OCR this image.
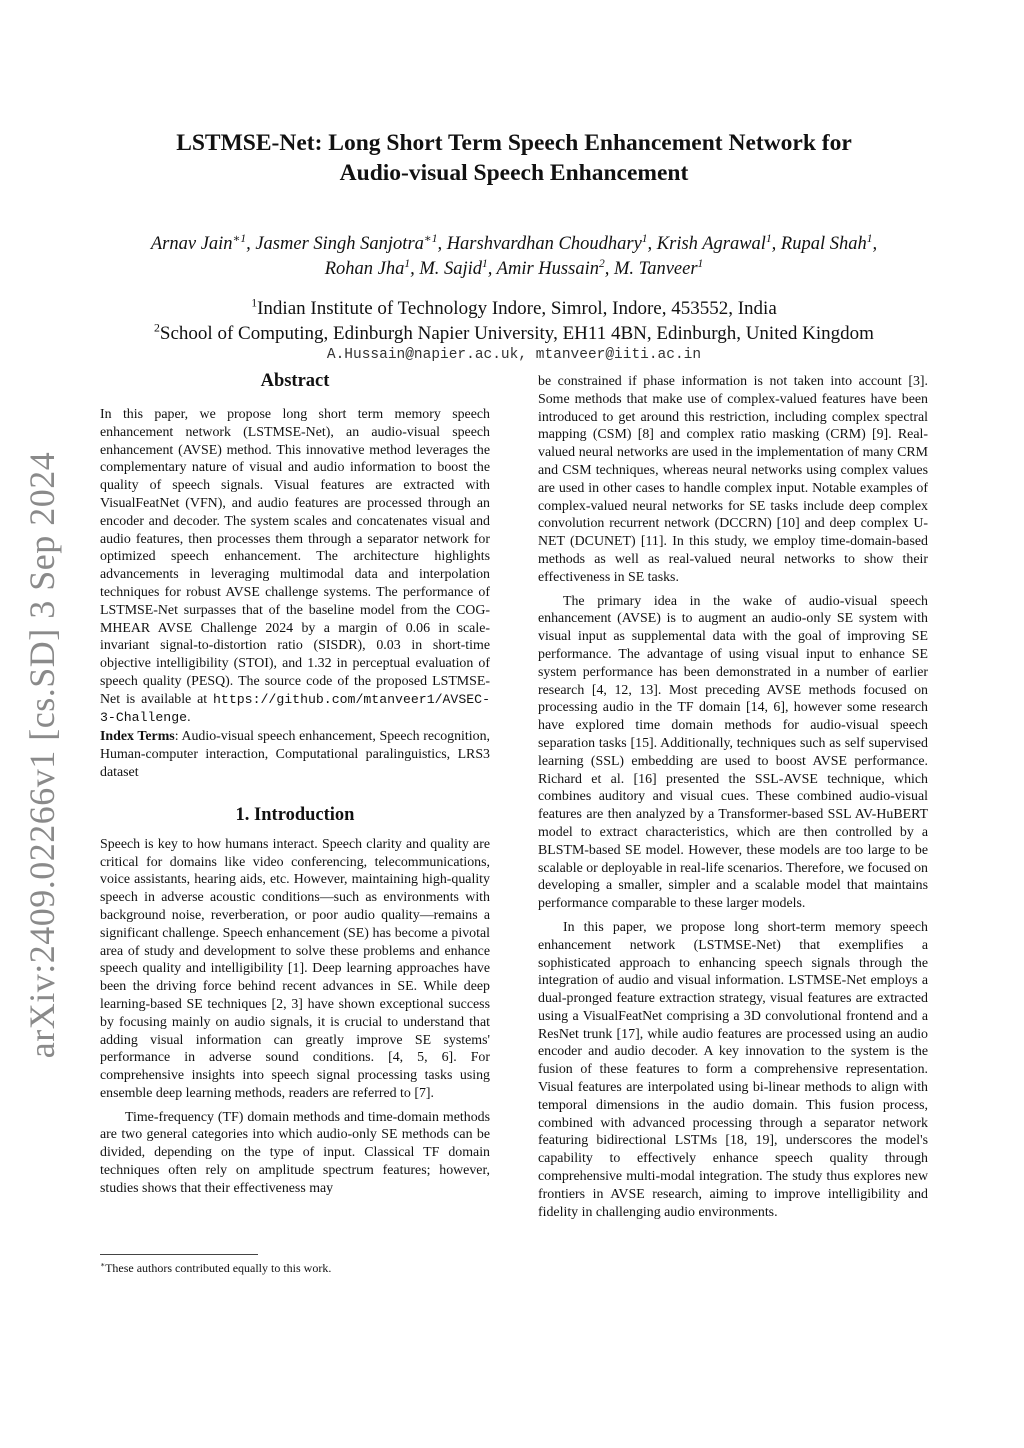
arXiv:2409.02266v1 [cs.SD] 3 Sep 2024
LSTMSE-Net: Long Short Term Speech Enhancement Network for
Audio-visual Speech Enhancement
Arnav Jain$^{∗1}$, Jasmer Singh Sanjotra$^{∗1}$, Harshvardhan Choudhary$^1$, Krish Agrawal$^1$, Rupal Shah$^1$,
Rohan Jha$^1$, M. Sajid$^1$, Amir Hussain$^2$, M. Tanveer$^1$
$^1$Indian Institute of Technology Indore, Simrol, Indore, 453552, India
$^2$School of Computing, Edinburgh Napier University, EH11 4BN, Edinburgh, United Kingdom
A.Hussain@napier.ac.uk, mtanveer@iiti.ac.in
Abstract

In this paper, we propose long short term memory speech enhancement network (LSTMSE-Net), an audio-visual speech enhancement (AVSE) method. This innovative method leverages the complementary nature of visual and audio information to boost the quality of speech signals. Visual features are extracted with VisualFeatNet (VFN), and audio features are processed through an encoder and decoder. The system scales and concatenates visual and audio features, then processes them through a separator network for optimized speech enhancement. The architecture highlights advancements in leveraging multimodal data and interpolation techniques for robust AVSE challenge systems. The performance of LSTMSE-Net surpasses that of the baseline model from the COG-MHEAR AVSE Challenge 2024 by a margin of 0.06 in scale-invariant signal-to-distortion ratio (SISDR), 0.03 in short-time objective intelligibility (STOI), and 1.32 in perceptual evaluation of speech quality (PESQ). The source code of the proposed LSTMSE-Net is available at https://github.com/mtanveer1/AVSEC-3-Challenge.

Index Terms: Audio-visual speech enhancement, Speech recognition, Human-computer interaction, Computational paralinguistics, LRS3 dataset

1. Introduction

Speech is key to how humans interact. Speech clarity and quality are critical for domains like video conferencing, telecommunications, voice assistants, hearing aids, etc. However, maintaining high-quality speech in adverse acoustic conditions—such as environments with background noise, reverberation, or poor audio quality—remains a significant challenge. Speech enhancement (SE) has become a pivotal area of study and development to solve these problems and enhance speech quality and intelligibility [1]. Deep learning approaches have been the driving force behind recent advances in SE. While deep learning-based SE techniques [2, 3] have shown exceptional success by focusing mainly on audio signals, it is crucial to understand that adding visual information can greatly improve SE systems' performance in adverse sound conditions. [4, 5, 6]. For comprehensive insights into speech signal processing tasks using ensemble deep learning methods, readers are referred to [7].

Time-frequency (TF) domain methods and time-domain methods are two general categories into which audio-only SE methods can be divided, depending on the type of input. Classical TF domain techniques often rely on amplitude spectrum features; however, studies shows that their effectiveness may

be constrained if phase information is not taken into account [3]. Some methods that make use of complex-valued features have been introduced to get around this restriction, including complex spectral mapping (CSM) [8] and complex ratio masking (CRM) [9]. Real-valued neural networks are used in the implementation of many CRM and CSM techniques, whereas neural networks using complex values are used in other cases to handle complex input. Notable examples of complex-valued neural networks for SE tasks include deep complex convolution recurrent network (DCCRN) [10] and deep complex U-NET (DCUNET) [11]. In this study, we employ time-domain-based methods as well as real-valued neural networks to show their effectiveness in SE tasks.

The primary idea in the wake of audio-visual speech enhancement (AVSE) is to augment an audio-only SE system with visual input as supplemental data with the goal of improving SE performance. The advantage of using visual input to enhance SE system performance has been demonstrated in a number of earlier research [4, 12, 13]. Most preceding AVSE methods focused on processing audio in the TF domain [14, 6], however some research have explored time domain methods for audio-visual speech separation tasks [15]. Additionally, techniques such as self supervised learning (SSL) embedding are used to boost AVSE performance. Richard et al. [16] presented the SSL-AVSE technique, which combines auditory and visual cues. These combined audio-visual features are then analyzed by a Transformer-based SSL AV-HuBERT model to extract characteristics, which are then controlled by a BLSTM-based SE model. However, these models are too large to be scalable or deployable in real-life scenarios. Therefore, we focused on developing a smaller, simpler and a scalable model that maintains performance comparable to these larger models.

In this paper, we propose long short-term memory speech enhancement network (LSTMSE-Net) that exemplifies a sophisticated approach to enhancing speech signals through the integration of audio and visual information. LSTMSE-Net employs a dual-pronged feature extraction strategy, visual features are extracted using a VisualFeatNet comprising a 3D convolutional frontend and a ResNet trunk [17], while audio features are processed using an audio encoder and audio decoder. A key innovation to the system is the fusion of these features to form a comprehensive representation. Visual features are interpolated using bi-linear methods to align with temporal dimensions in the audio domain. This fusion process, combined with advanced processing through a separator network featuring bidirectional LSTMs [18, 19], underscores the model's capability to effectively enhance speech quality through comprehensive multi-modal integration. The study thus explores new frontiers in AVSE research, aiming to improve intelligibility and fidelity in challenging audio environments.

∗These authors contributed equally to this work.
